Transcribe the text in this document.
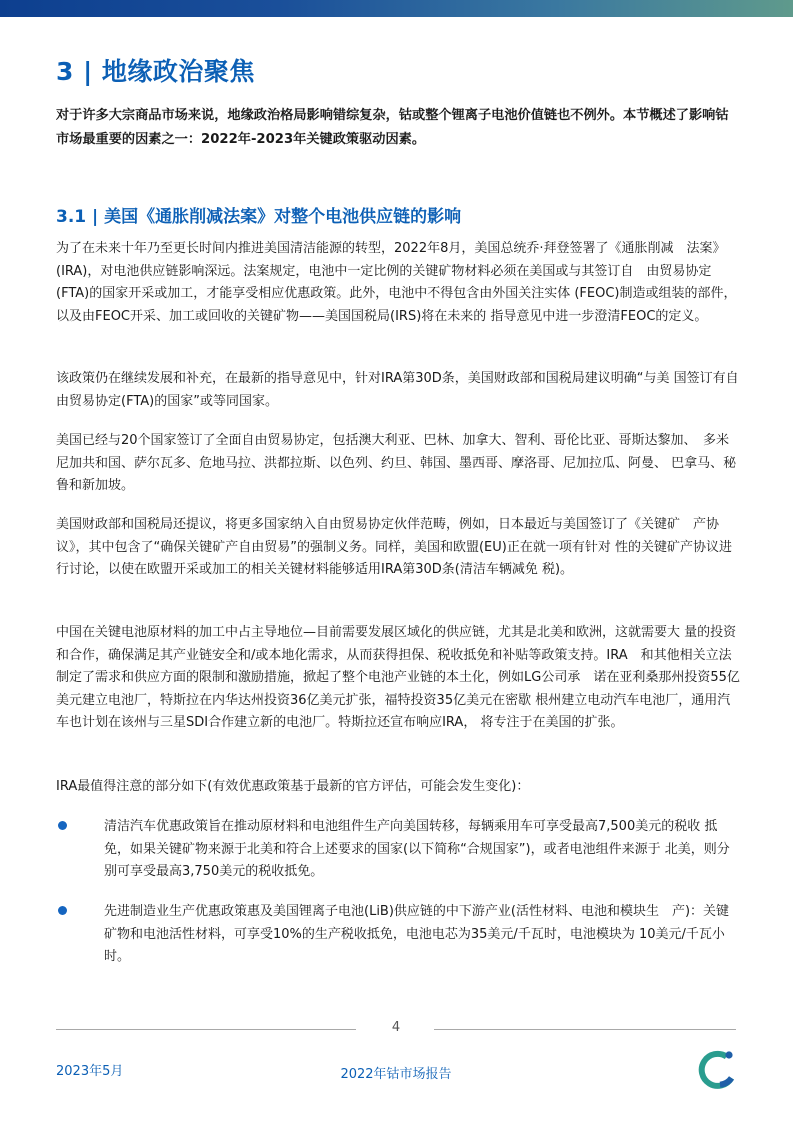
3 | 地缘政治聚焦
对于许多大宗商品市场来说，地缘政治格局影响错综复杂，钴或整个锂离子电池价值链也不例外。本节概述了影响钴市场最重要的因素之一：2022年-2023年关键政策驱动因素。
3.1 | 美国《通胀削减法案》对整个电池供应链的影响
为了在未来十年乃至更长时间内推进美国清洁能源的转型，2022年8月，美国总统乔·拜登签署了《通胀削减　法案》(IRA)，对电池供应链影响深远。法案规定，电池中一定比例的关键矿物材料必须在美国或与其签订自　由贸易协定(FTA)的国家开采或加工，才能享受相应优惠政策。此外，电池中不得包含由外国关注实体 (FEOC)制造或组装的部件，以及由FEOC开采、加工或回收的关键矿物——美国国税局(IRS)将在未来的 指导意见中进一步澄清FEOC的定义。
该政策仍在继续发展和补充，在最新的指导意见中，针对IRA第30D条，美国财政部和国税局建议明确“与美 国签订有自由贸易协定(FTA)的国家”或等同国家。
美国已经与20个国家签订了全面自由贸易协定，包括澳大利亚、巴林、加拿大、智利、哥伦比亚、哥斯达黎加、　多米尼加共和国、萨尔瓦多、危地马拉、洪都拉斯、以色列、约旦、韩国、墨西哥、摩洛哥、尼加拉瓜、阿曼、 巴拿马、秘鲁和新加坡。
美国财政部和国税局还提议，将更多国家纳入自由贸易协定伙伴范畴，例如，日本最近与美国签订了《关键矿　产协议》，其中包含了“确保关键矿产自由贸易”的强制义务。同样，美国和欧盟(EU)正在就一项有针对 性的关键矿产协议进行讨论，以使在欧盟开采或加工的相关关键材料能够适用IRA第30D条(清洁车辆减免 税)。
中国在关键电池原材料的加工中占主导地位—目前需要发展区域化的供应链，尤其是北美和欧洲，这就需要大 量的投资和合作，确保满足其产业链安全和/或本地化需求，从而获得担保、税收抵免和补贴等政策支持。IRA　和其他相关立法制定了需求和供应方面的限制和激励措施，掀起了整个电池产业链的本土化，例如LG公司承　诺在亚利桑那州投资55亿美元建立电池厂，特斯拉在内华达州投资36亿美元扩张，福特投资35亿美元在密歇 根州建立电动汽车电池厂，通用汽车也计划在该州与三星SDI合作建立新的电池厂。特斯拉还宣布响应IRA， 将专注于在美国的扩张。
IRA最值得注意的部分如下(有效优惠政策基于最新的官方评估，可能会发生变化)：
清洁汽车优惠政策旨在推动原材料和电池组件生产向美国转移，每辆乘用车可享受最高7,500美元的税收 抵免，如果关键矿物来源于北美和符合上述要求的国家(以下简称“合规国家”)，或者电池组件来源于 北美，则分别可享受最高3,750美元的税收抵免。
先进制造业生产优惠政策惠及美国锂离子电池(LiB)供应链的中下游产业(活性材料、电池和模块生　产)：关键矿物和电池活性材料，可享受10%的生产税收抵免，电池电芯为35美元/千瓦时，电池模块为 10美元/千瓦小时。
4
2023年5月	2022年钴市场报告
